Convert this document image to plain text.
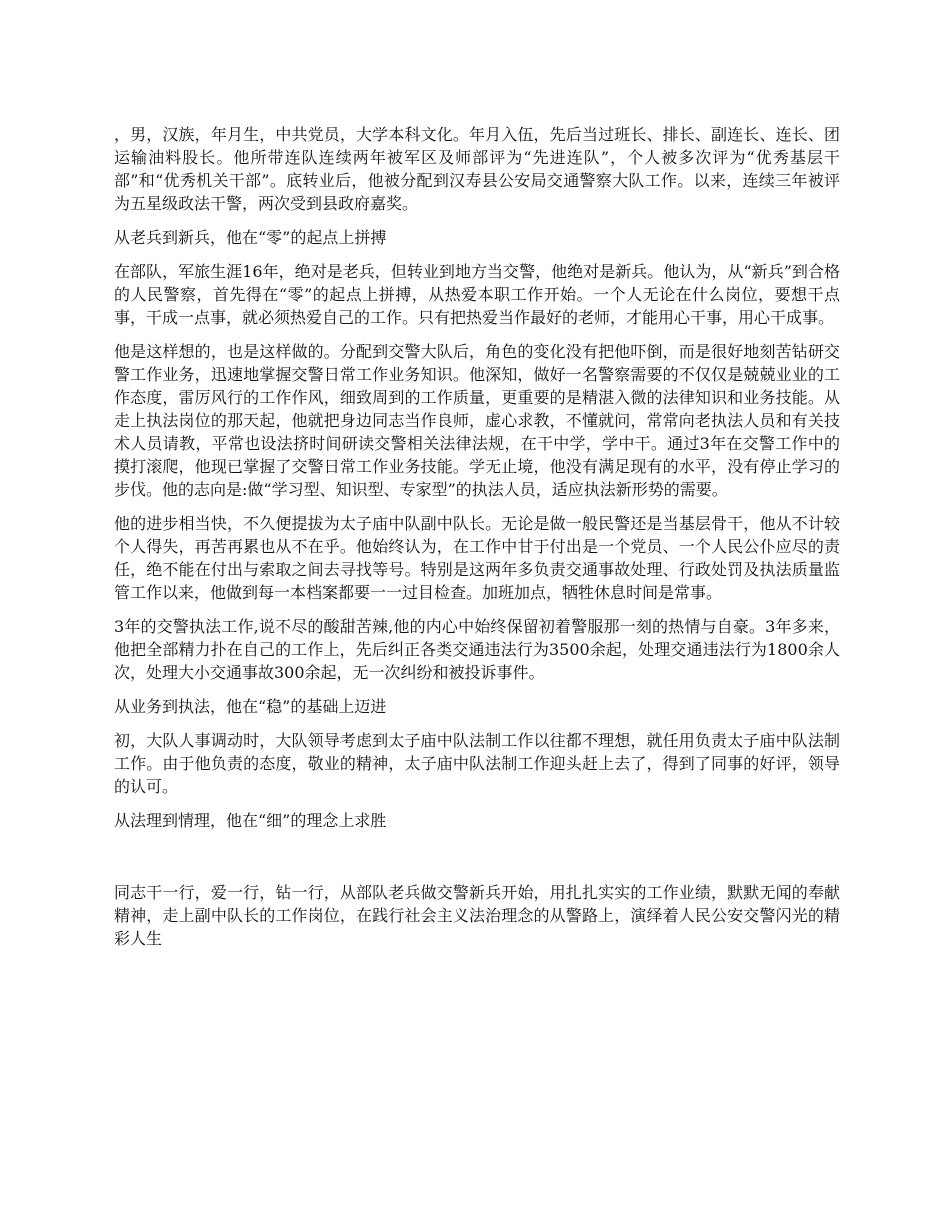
，男，汉族，年月生，中共党员，大学本科文化。年月入伍，先后当过班长、排长、副连长、连长、团运输油料股长。他所带连队连续两年被军区及师部评为“先进连队”，个人被多次评为“优秀基层干部”和“优秀机关干部”。底转业后，他被分配到汉寿县公安局交通警察大队工作。以来，连续三年被评为五星级政法干警，两次受到县政府嘉奖。

从老兵到新兵，他在“零”的起点上拼搏

在部队，军旅生涯16年，绝对是老兵，但转业到地方当交警，他绝对是新兵。他认为，从“新兵”到合格的人民警察，首先得在“零”的起点上拼搏，从热爱本职工作开始。一个人无论在什么岗位，要想干点事，干成一点事，就必须热爱自己的工作。只有把热爱当作最好的老师，才能用心干事，用心干成事。

他是这样想的，也是这样做的。分配到交警大队后，角色的变化没有把他吓倒，而是很好地刻苦钻研交警工作业务，迅速地掌握交警日常工作业务知识。他深知，做好一名警察需要的不仅仅是兢兢业业的工作态度，雷厉风行的工作作风，细致周到的工作质量，更重要的是精湛入微的法律知识和业务技能。从走上执法岗位的那天起，他就把身边同志当作良师，虚心求教，不懂就问，常常向老执法人员和有关技术人员请教，平常也设法挤时间研读交警相关法律法规，在干中学，学中干。通过3年在交警工作中的摸打滚爬，他现已掌握了交警日常工作业务技能。学无止境，他没有满足现有的水平，没有停止学习的步伐。他的志向是:做“学习型、知识型、专家型”的执法人员，适应执法新形势的需要。

他的进步相当快，不久便提拔为太子庙中队副中队长。无论是做一般民警还是当基层骨干，他从不计较个人得失，再苦再累也从不在乎。他始终认为，在工作中甘于付出是一个党员、一个人民公仆应尽的责任，绝不能在付出与索取之间去寻找等号。特别是这两年多负责交通事故处理、行政处罚及执法质量监管工作以来，他做到每一本档案都要一一过目检查。加班加点，牺牲休息时间是常事。

3年的交警执法工作,说不尽的酸甜苦辣,他的内心中始终保留初着警服那一刻的热情与自豪。3年多来，他把全部精力扑在自己的工作上，先后纠正各类交通违法行为3500余起，处理交通违法行为1800余人次，处理大小交通事故300余起，无一次纠纷和被投诉事件。

从业务到执法，他在“稳”的基础上迈进

初，大队人事调动时，大队领导考虑到太子庙中队法制工作以往都不理想，就任用负责太子庙中队法制工作。由于他负责的态度，敬业的精神，太子庙中队法制工作迎头赶上去了，得到了同事的好评，领导的认可。

从法理到情理，他在“细”的理念上求胜

同志干一行，爱一行，钻一行，从部队老兵做交警新兵开始，用扎扎实实的工作业绩，默默无闻的奉献精神，走上副中队长的工作岗位，在践行社会主义法治理念的从警路上，演绎着人民公安交警闪光的精彩人生
